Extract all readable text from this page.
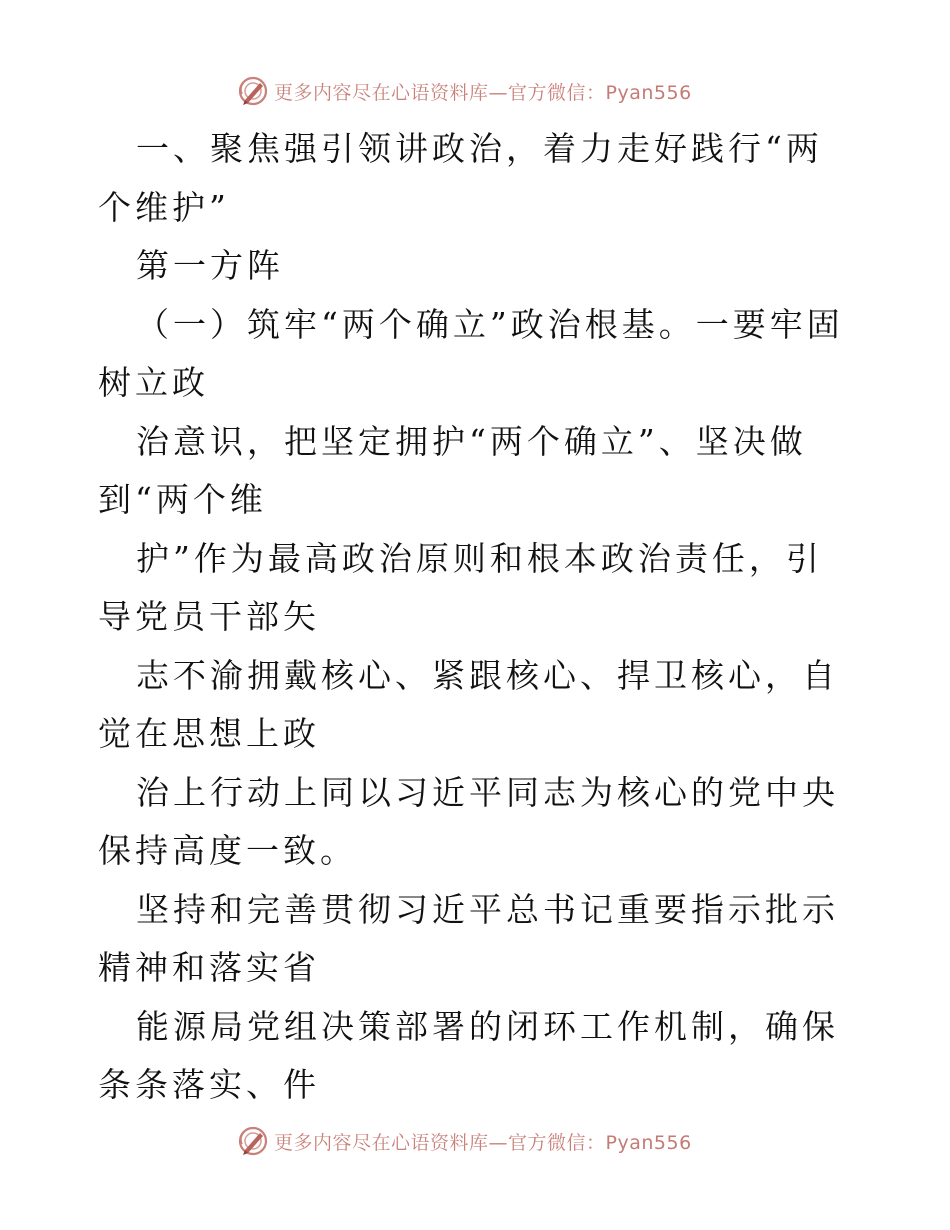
更多内容尽在心语资料库—官方微信：Pyan556

一、聚焦强引领讲政治，着力走好践行“两个维护”

第一方阵

（一）筑牢“两个确立”政治根基。一要牢固树立政

治意识，把坚定拥护“两个确立”、坚决做到“两个维

护”作为最高政治原则和根本政治责任，引导党员干部矢

志不渝拥戴核心、紧跟核心、捍卫核心，自觉在思想上政

治上行动上同以习近平同志为核心的党中央保持高度一致。

坚持和完善贯彻习近平总书记重要指示批示精神和落实省

能源局党组决策部署的闭环工作机制，确保条条落实、件

更多内容尽在心语资料库—官方微信：Pyan556
